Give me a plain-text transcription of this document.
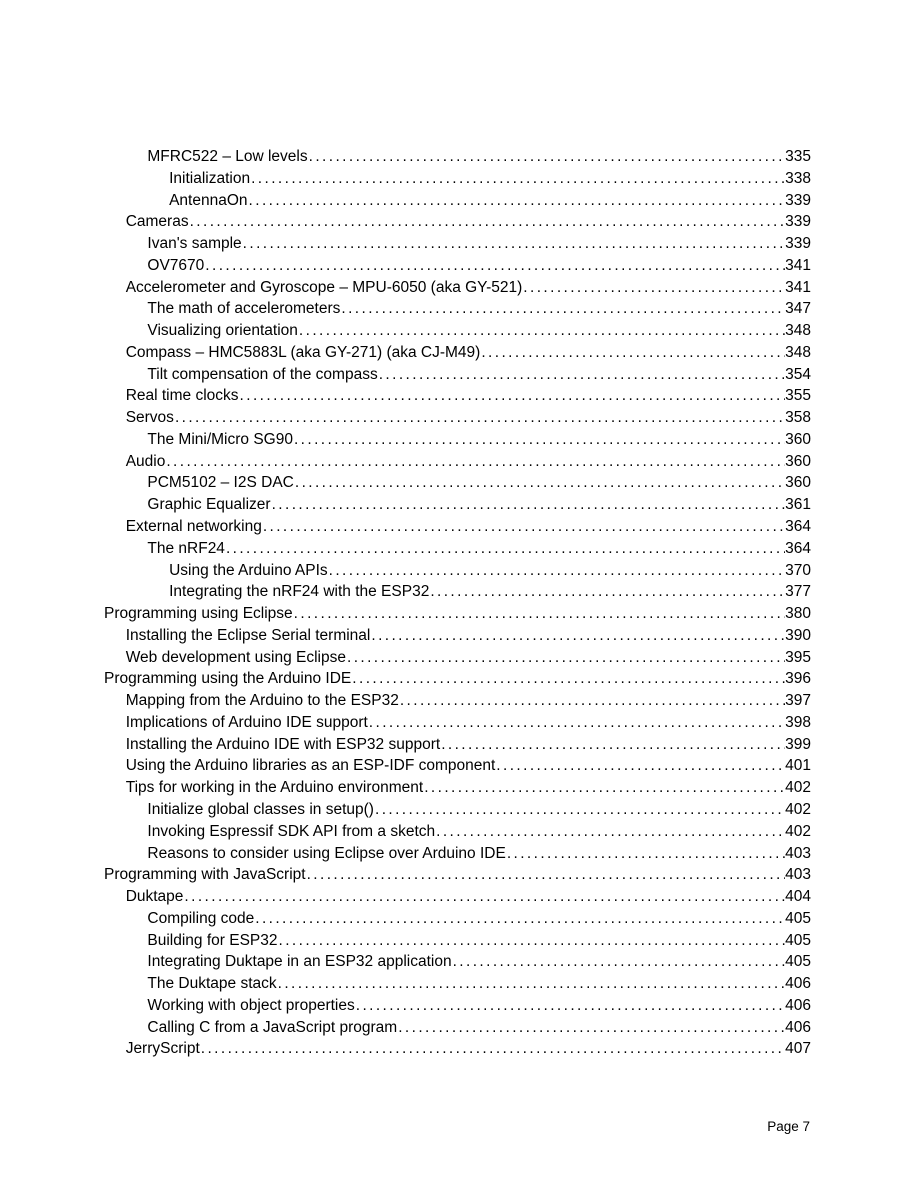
MFRC522 – Low levels .....	335
Initialization .....	338
AntennaOn .....	339
Cameras .....	339
Ivan's sample .....	339
OV7670 .....	341
Accelerometer and Gyroscope – MPU-6050 (aka GY-521) .....	341
The math of accelerometers .....	347
Visualizing orientation .....	348
Compass – HMC5883L (aka GY-271) (aka CJ-M49) .....	348
Tilt compensation of the compass .....	354
Real time clocks .....	355
Servos .....	358
The Mini/Micro SG90 .....	360
Audio .....	360
PCM5102 – I2S DAC .....	360
Graphic Equalizer .....	361
External networking .....	364
The nRF24 .....	364
Using the Arduino APIs .....	370
Integrating the nRF24 with the ESP32 .....	377
Programming using Eclipse .....	380
Installing the Eclipse Serial terminal .....	390
Web development using Eclipse .....	395
Programming using the Arduino IDE .....	396
Mapping from the Arduino to the ESP32 .....	397
Implications of Arduino IDE support .....	398
Installing the Arduino IDE with ESP32 support .....	399
Using the Arduino libraries as an ESP-IDF component .....	401
Tips for working in the Arduino environment .....	402
Initialize global classes in setup() .....	402
Invoking Espressif SDK API from a sketch .....	402
Reasons to consider using Eclipse over Arduino IDE .....	403
Programming with JavaScript .....	403
Duktape .....	404
Compiling code .....	405
Building for ESP32 .....	405
Integrating Duktape in an ESP32 application .....	405
The Duktape stack .....	406
Working with object properties .....	406
Calling C from a JavaScript program .....	406
JerryScript .....	407
Page 7
